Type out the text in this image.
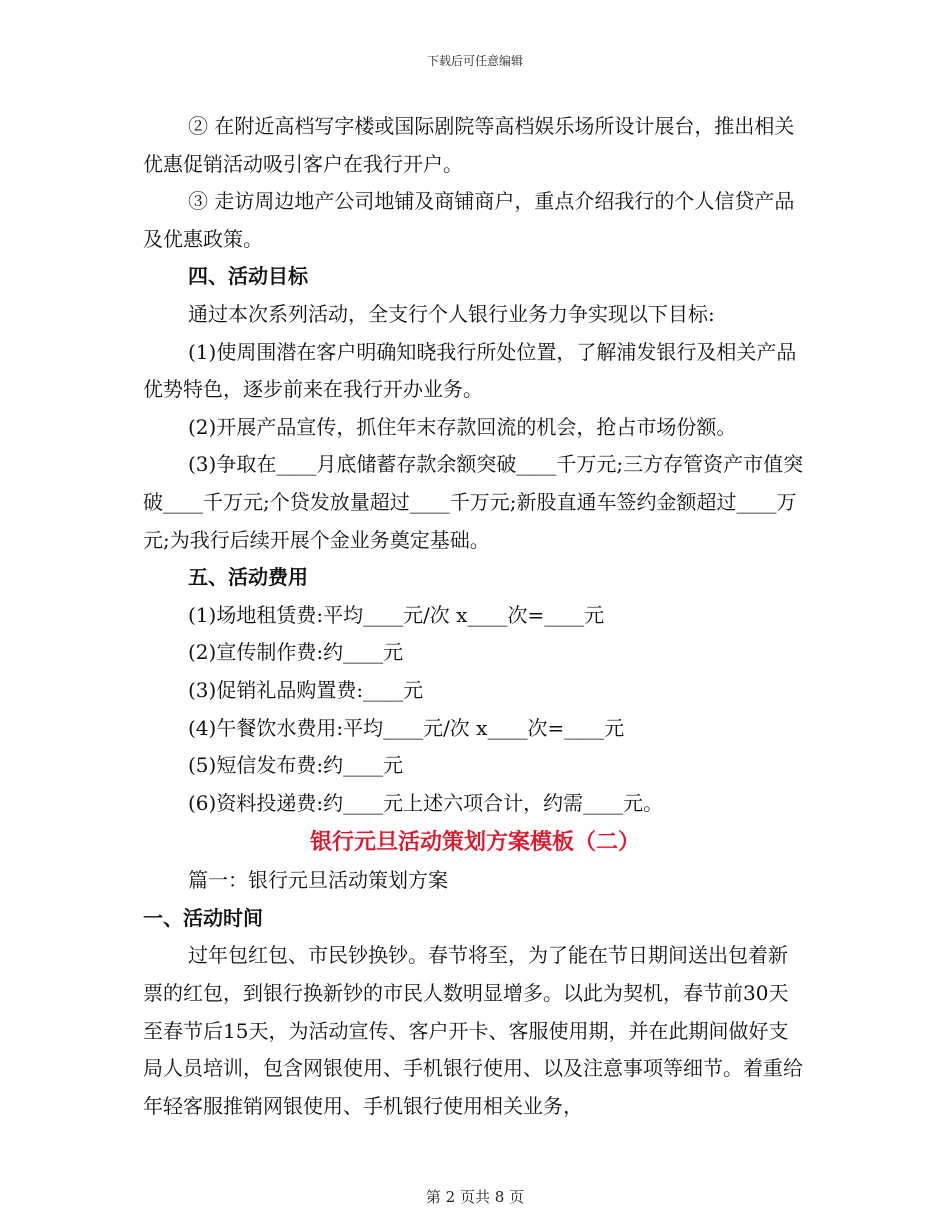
下载后可任意编辑

② 在附近高档写字楼或国际剧院等高档娱乐场所设计展台，推出相关优惠促销活动吸引客户在我行开户。

③ 走访周边地产公司地铺及商铺商户，重点介绍我行的个人信贷产品及优惠政策。

四、活动目标

通过本次系列活动，全支行个人银行业务力争实现以下目标:

(1)使周围潜在客户明确知晓我行所处位置，了解浦发银行及相关产品优势特色，逐步前来在我行开办业务。

(2)开展产品宣传，抓住年末存款回流的机会，抢占市场份额。

(3)争取在____月底储蓄存款余额突破____千万元;三方存管资产市值突破____千万元;个贷发放量超过____千万元;新股直通车签约金额超过____万元;为我行后续开展个金业务奠定基础。

五、活动费用

(1)场地租赁费:平均____元/次 x____次=____元

(2)宣传制作费:约____元

(3)促销礼品购置费:____元

(4)午餐饮水费用:平均____元/次 x____次=____元

(5)短信发布费:约____元

(6)资料投递费:约____元上述六项合计，约需____元。

银行元旦活动策划方案模板（二）

篇一：银行元旦活动策划方案

一、活动时间

过年包红包、市民钞换钞。春节将至，为了能在节日期间送出包着新票的红包，到银行换新钞的市民人数明显增多。以此为契机，春节前30天至春节后15天，为活动宣传、客户开卡、客服使用期，并在此期间做好支局人员培训，包含网银使用、手机银行使用、以及注意事项等细节。着重给年轻客服推销网银使用、手机银行使用相关业务，

第 2 页共 8 页
